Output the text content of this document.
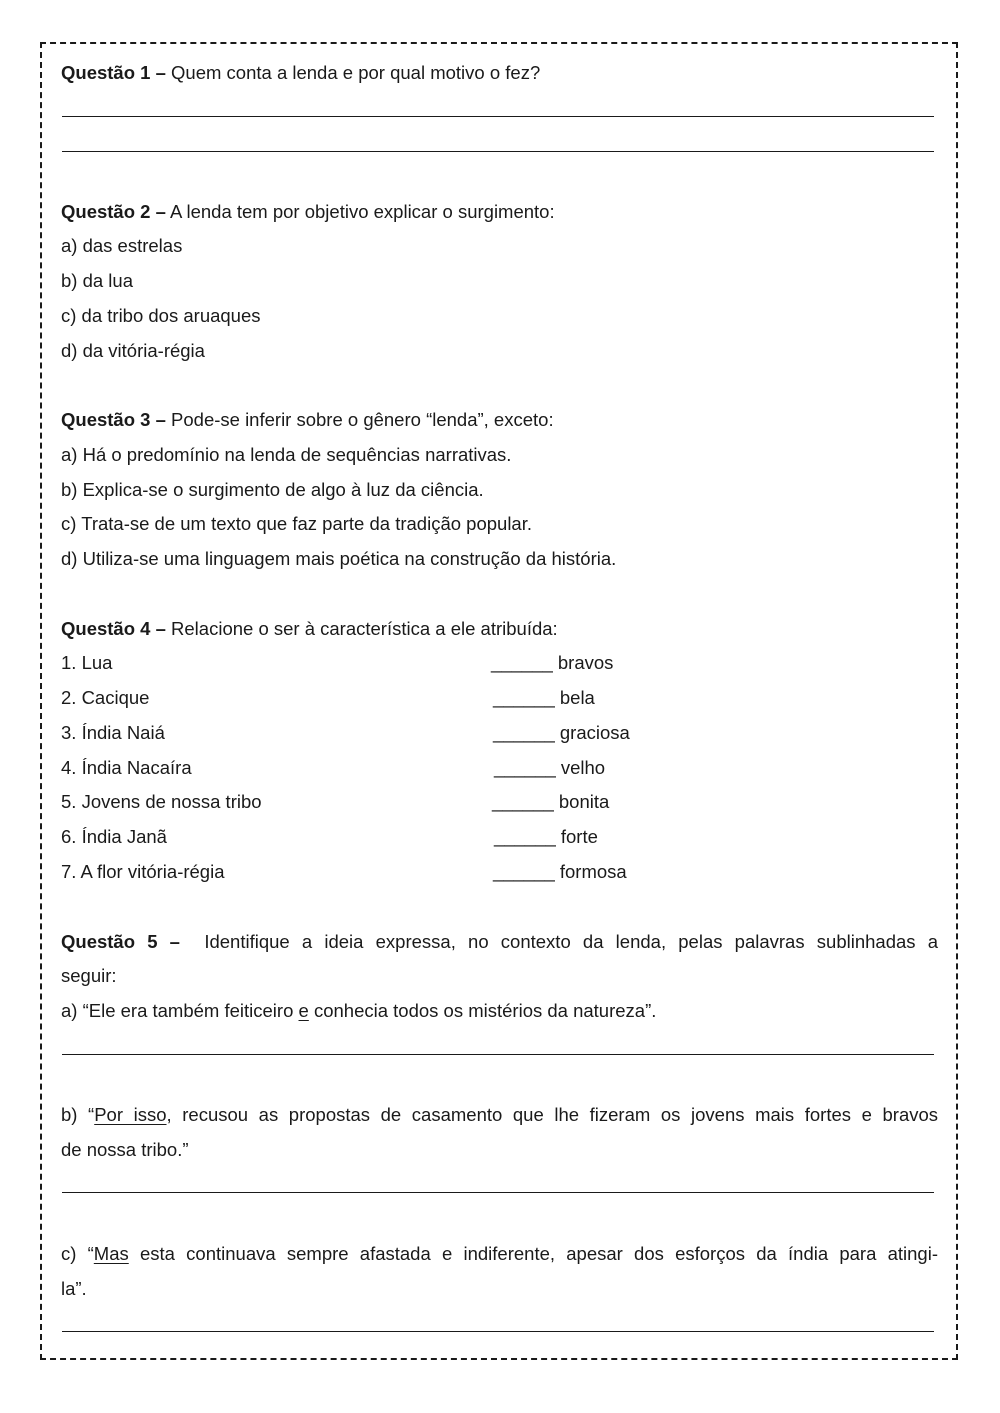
Questão 1 – Quem conta a lenda e por qual motivo o fez?
Questão 2 – A lenda tem por objetivo explicar o surgimento:
a) das estrelas
b) da lua
c) da tribo dos aruaques
d) da vitória-régia
Questão 3 – Pode-se inferir sobre o gênero “lenda”, exceto:
a) Há o predomínio na lenda de sequências narrativas.
b) Explica-se o surgimento de algo à luz da ciência.
c) Trata-se de um texto que faz parte da tradição popular.
d) Utiliza-se uma linguagem mais poética na construção da história.
Questão 4 – Relacione o ser à característica a ele atribuída:
1. Lua
2. Cacique
3. Índia Naiá
4. Índia Nacaíra
5. Jovens de nossa tribo
6. Índia Janã
7. A flor vitória-régia
______ bravos
______ bela
______ graciosa
______ velho
______ bonita
______ forte
______ formosa
Questão 5 – Identifique a ideia expressa, no contexto da lenda, pelas palavras sublinhadas a
seguir:
a) “Ele era também feiticeiro e conhecia todos os mistérios da natureza”.
b) “Por isso, recusou as propostas de casamento que lhe fizeram os jovens mais fortes e bravos
de nossa tribo.”
c) “Mas esta continuava sempre afastada e indiferente, apesar dos esforços da índia para atingi-
la”.
